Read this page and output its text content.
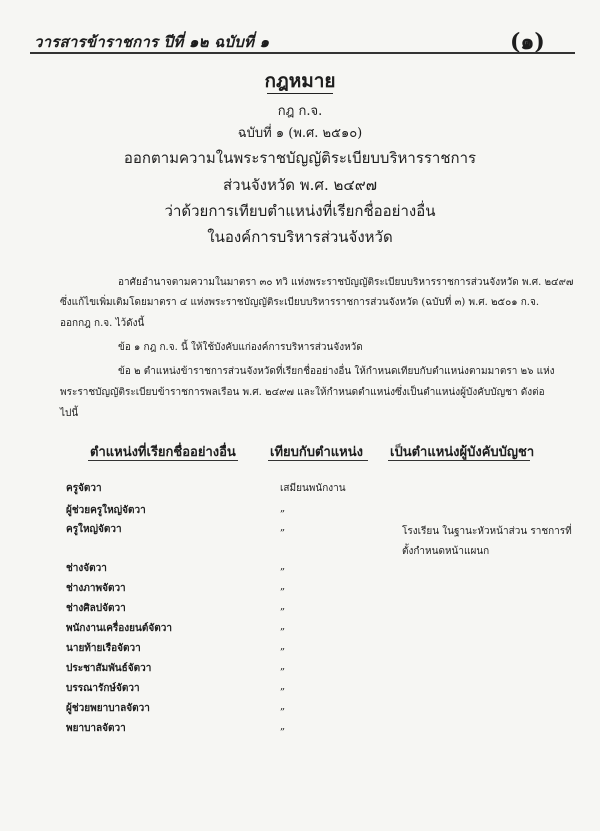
วารสารข้าราชการ ปีที่ ๑๒ ฉบับที่ ๑	(๑)
กฎหมาย
กฎ ก.จ.
ฉบับที่ ๑ (พ.ศ. ๒๕๑๐)
ออกตามความในพระราชบัญญัติระเบียบบริหารราชการ
ส่วนจังหวัด พ.ศ. ๒๔๙๗
ว่าด้วยการเทียบตำแหน่งที่เรียกชื่ออย่างอื่น
ในองค์การบริหารส่วนจังหวัด
อาศัยอำนาจตามความในมาตรา ๓๐ ทวิ แห่งพระราชบัญญัติระเบียบบริหารราชการส่วนจังหวัด พ.ศ. ๒๔๙๗
ซึ่งแก้ไขเพิ่มเติมโดยมาตรา ๔ แห่งพระราชบัญญัติระเบียบบริหารราชการส่วนจังหวัด (ฉบับที่ ๓) พ.ศ. ๒๕๐๑ ก.จ.
ออกกฎ ก.จ. ไว้ดังนี้
ข้อ ๑ กฎ ก.จ. นี้ ให้ใช้บังคับแก่องค์การบริหารส่วนจังหวัด
ข้อ ๒ ตำแหน่งข้าราชการส่วนจังหวัดที่เรียกชื่ออย่างอื่น ให้กำหนดเทียบกับตำแหน่งตามมาตรา ๒๖ แห่ง
พระราชบัญญัติระเบียบข้าราชการพลเรือน พ.ศ. ๒๔๙๗ และให้กำหนดตำแหน่งซึ่งเป็นตำแหน่งผู้บังคับบัญชา ดังต่อ
ไปนี้
ตำแหน่งที่เรียกชื่ออย่างอื่น	เทียบกับตำแหน่ง เป็นตำแหน่งผู้บังคับบัญชา
ครูจัตวา	เสมียนพนักงาน
ผู้ช่วยครูใหญ่จัตวา	„
ครูใหญ่จัตวา	„	โรงเรียน ในฐานะหัวหน้าส่วน ราชการที่ตั้งกำหนดหน้าแผนก
ช่างจัตวา	„
ช่างภาพจัตวา	„
ช่างศิลปจัตวา	„
พนักงานเครื่องยนต์จัตวา	„
นายท้ายเรือจัตวา	„
ประชาสัมพันธ์จัตวา	„
บรรณารักษ์จัตวา	„
ผู้ช่วยพยาบาลจัตวา	„
พยาบาลจัตวา	„
